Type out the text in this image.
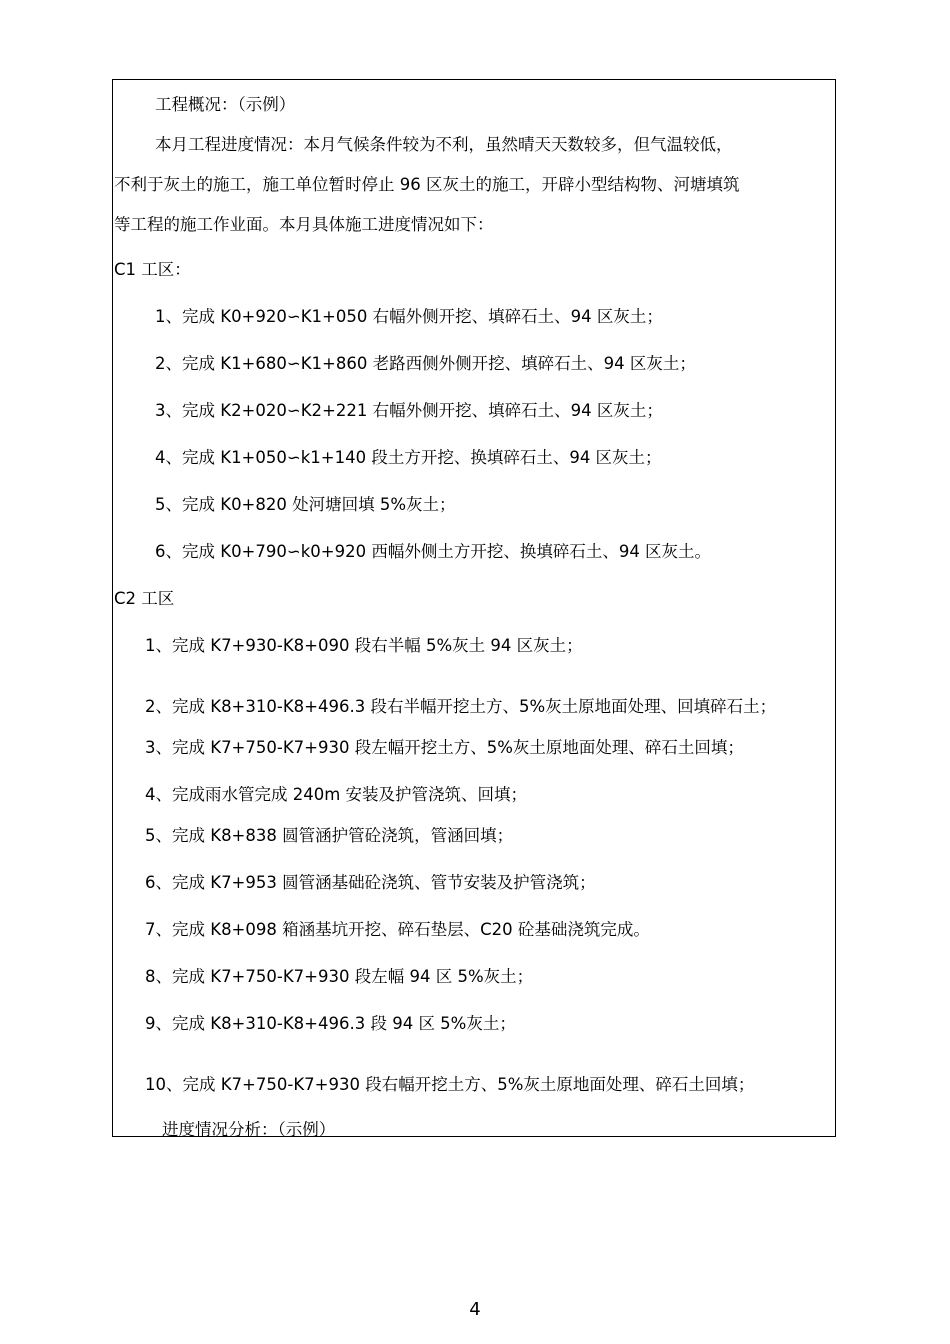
工程概况：（示例）
本月工程进度情况：本月气候条件较为不利，虽然晴天天数较多，但气温较低，
不利于灰土的施工，施工单位暂时停止 96 区灰土的施工，开辟小型结构物、河塘填筑
等工程的施工作业面。本月具体施工进度情况如下：
C1 工区：
1、完成 K0+920∽K1+050 右幅外侧开挖、填碎石土、94 区灰土；
2、完成 K1+680∽K1+860 老路西侧外侧开挖、填碎石土、94 区灰土；
3、完成 K2+020∽K2+221 右幅外侧开挖、填碎石土、94 区灰土；
4、完成 K1+050∽k1+140 段土方开挖、换填碎石土、94 区灰土；
5、完成 K0+820 处河塘回填 5%灰土；
6、完成 K0+790∽k0+920 西幅外侧土方开挖、换填碎石土、94 区灰土。
C2 工区
1、完成 K7+930-K8+090 段右半幅 5%灰土 94 区灰土；
2、完成 K8+310-K8+496.3 段右半幅开挖土方、5%灰土原地面处理、回填碎石土；
3、完成 K7+750-K7+930 段左幅开挖土方、5%灰土原地面处理、碎石土回填；
4、完成雨水管完成 240m 安装及护管浇筑、回填；
5、完成 K8+838 圆管涵护管砼浇筑，管涵回填；
6、完成 K7+953 圆管涵基础砼浇筑、管节安装及护管浇筑；
7、完成 K8+098 箱涵基坑开挖、碎石垫层、C20 砼基础浇筑完成。
8、完成 K7+750-K7+930 段左幅 94 区 5%灰土；
9、完成 K8+310-K8+496.3 段 94 区 5%灰土；
10、完成 K7+750-K7+930 段右幅开挖土方、5%灰土原地面处理、碎石土回填；
进度情况分析：（示例）
4
